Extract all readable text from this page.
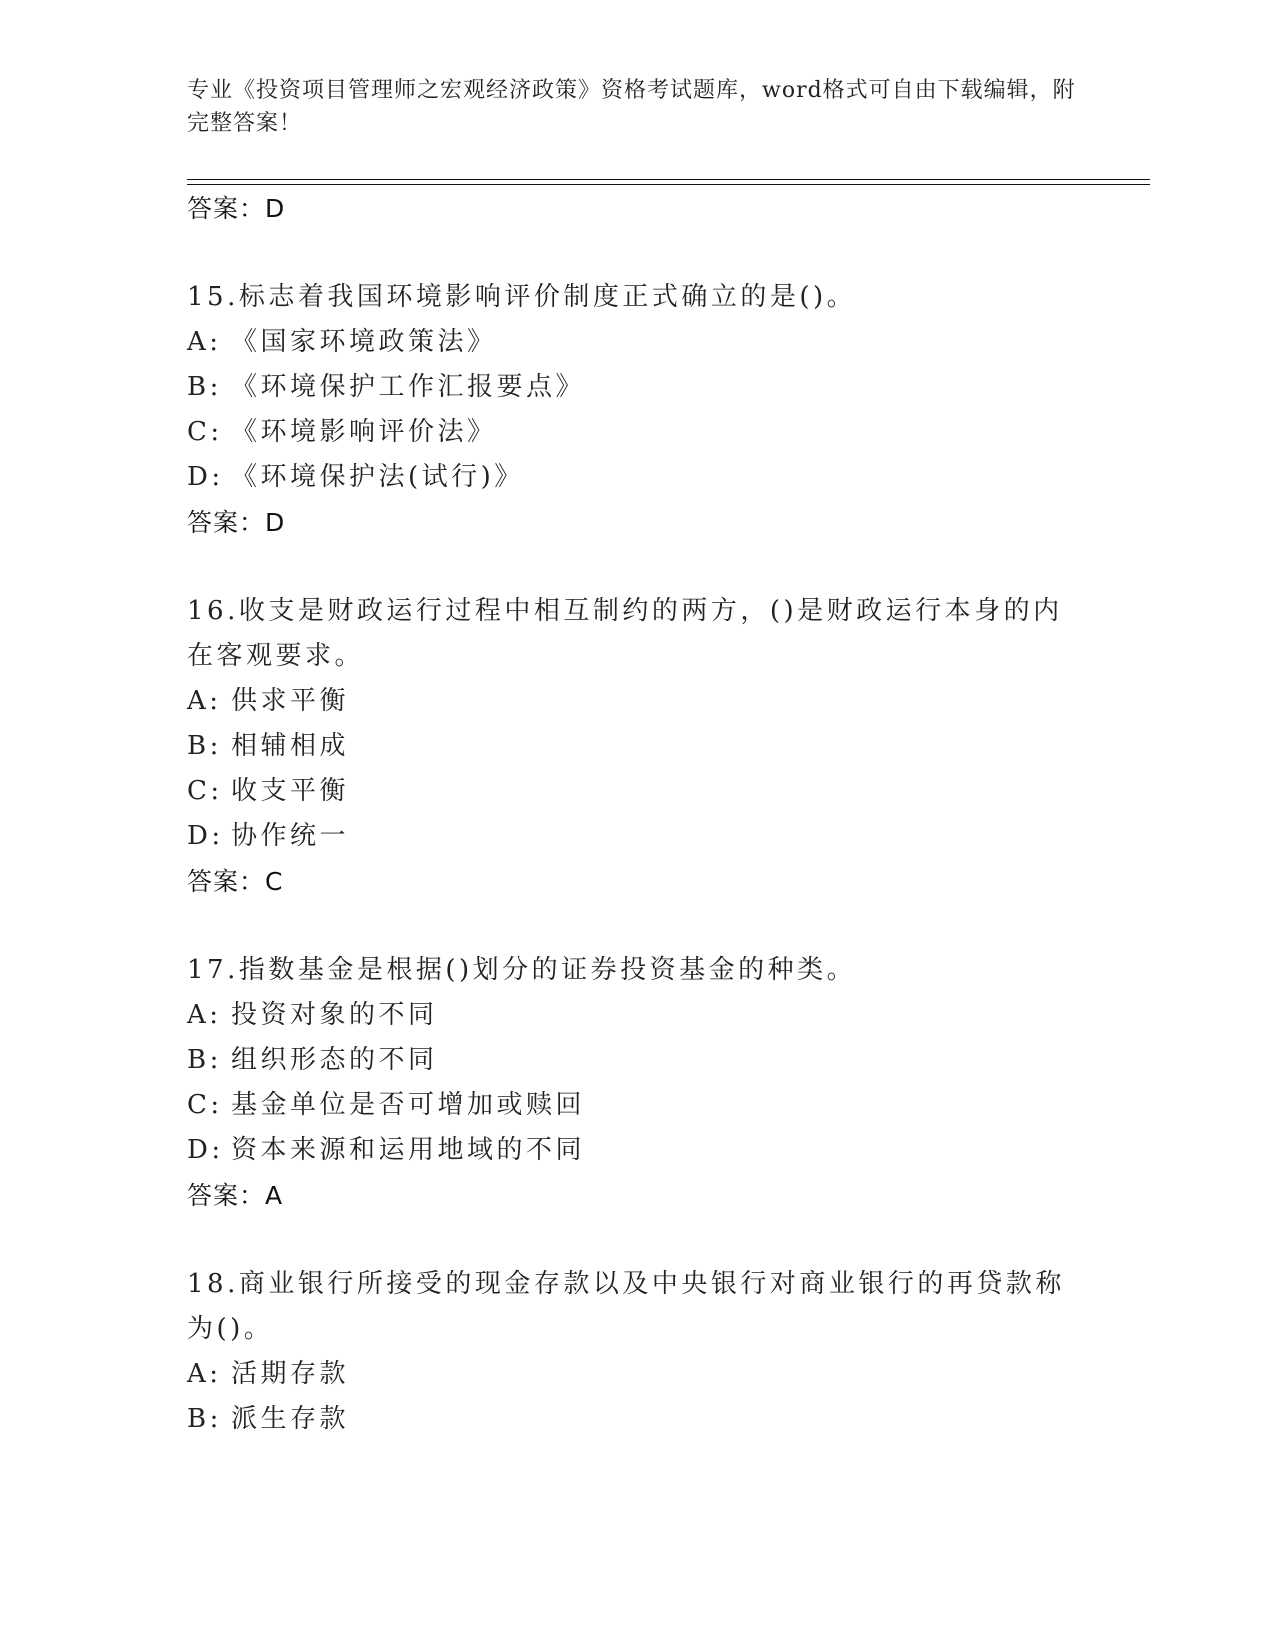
专业《投资项目管理师之宏观经济政策》资格考试题库，word格式可自由下载编辑，附完整答案！
答案：D
15.标志着我国环境影响评价制度正式确立的是()。
A: 《国家环境政策法》
B: 《环境保护工作汇报要点》
C: 《环境影响评价法》
D: 《环境保护法(试行)》
答案：D
16.收支是财政运行过程中相互制约的两方，()是财政运行本身的内在客观要求。
A: 供求平衡
B: 相辅相成
C: 收支平衡
D: 协作统一
答案：C
17.指数基金是根据()划分的证券投资基金的种类。
A: 投资对象的不同
B: 组织形态的不同
C: 基金单位是否可增加或赎回
D: 资本来源和运用地域的不同
答案：A
18.商业银行所接受的现金存款以及中央银行对商业银行的再贷款称为()。
A: 活期存款
B: 派生存款
